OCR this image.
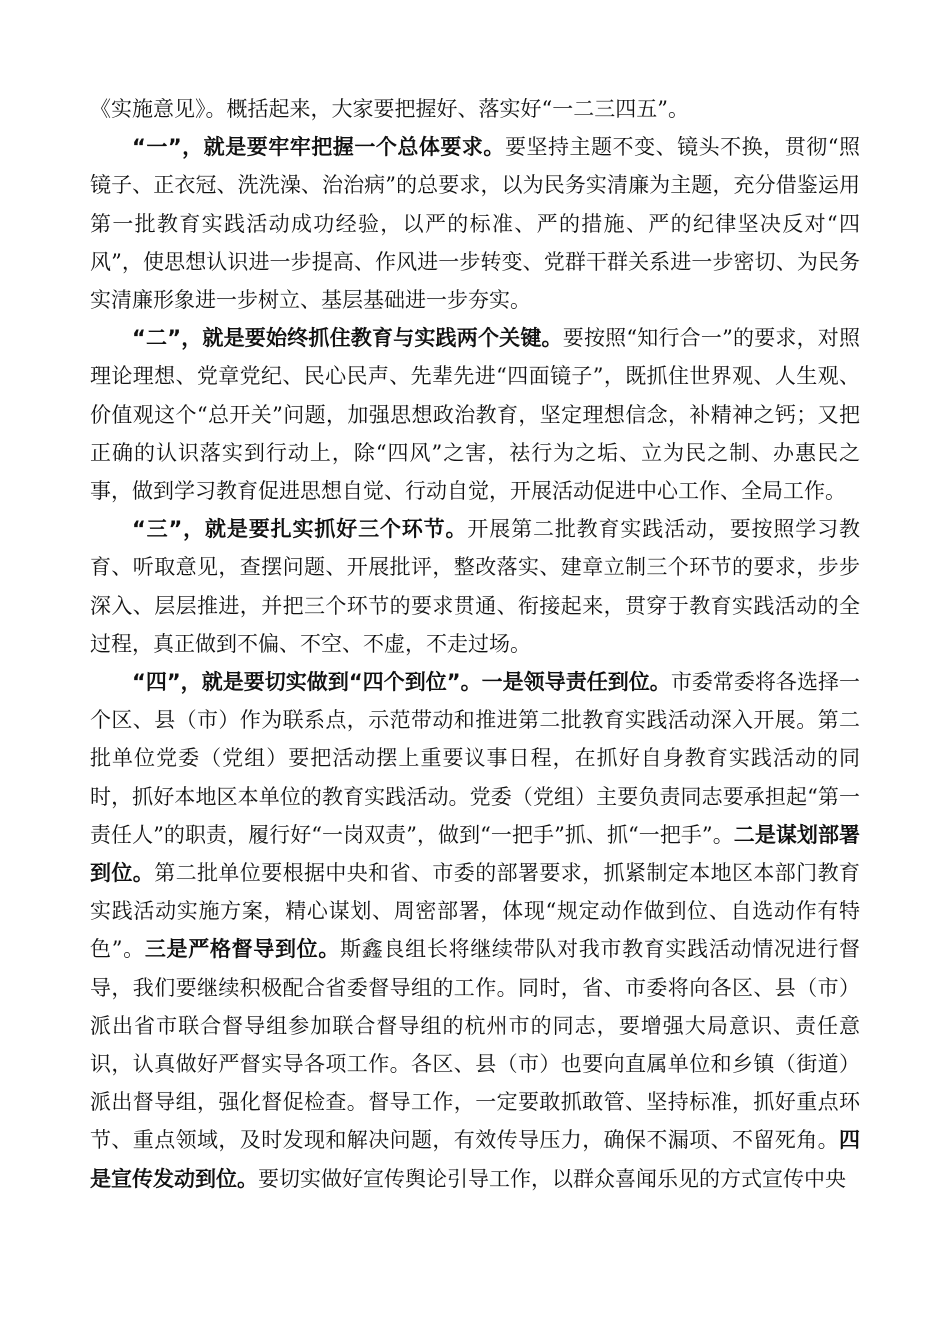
《实施意见》。概括起来，大家要把握好、落实好“一二三四五”。

“一”，就是要牢牢把握一个总体要求。要坚持主题不变、镜头不换，贯彻“照镜子、正衣冠、洗洗澡、治治病”的总要求，以为民务实清廉为主题，充分借鉴运用第一批教育实践活动成功经验，以严的标准、严的措施、严的纪律坚决反对“四风”，使思想认识进一步提高、作风进一步转变、党群干群关系进一步密切、为民务实清廉形象进一步树立、基层基础进一步夯实。

“二”，就是要始终抓住教育与实践两个关键。要按照“知行合一”的要求，对照理论理想、党章党纪、民心民声、先辈先进“四面镜子”，既抓住世界观、人生观、价值观这个“总开关”问题，加强思想政治教育，坚定理想信念，补精神之钙；又把正确的认识落实到行动上，除“四风”之害，祛行为之垢、立为民之制、办惠民之事，做到学习教育促进思想自觉、行动自觉，开展活动促进中心工作、全局工作。

“三”，就是要扎实抓好三个环节。开展第二批教育实践活动，要按照学习教育、听取意见，查摆问题、开展批评，整改落实、建章立制三个环节的要求，步步深入、层层推进，并把三个环节的要求贯通、衔接起来，贯穿于教育实践活动的全过程，真正做到不偏、不空、不虚，不走过场。

“四”，就是要切实做到“四个到位”。一是领导责任到位。市委常委将各选择一个区、县（市）作为联系点，示范带动和推进第二批教育实践活动深入开展。第二批单位党委（党组）要把活动摆上重要议事日程，在抓好自身教育实践活动的同时，抓好本地区本单位的教育实践活动。党委（党组）主要负责同志要承担起“第一责任人”的职责，履行好“一岗双责”，做到“一把手”抓、抓“一把手”。二是谋划部署到位。第二批单位要根据中央和省、市委的部署要求，抓紧制定本地区本部门教育实践活动实施方案，精心谋划、周密部署，体现“规定动作做到位、自选动作有特色”。三是严格督导到位。斯鑫良组长将继续带队对我市教育实践活动情况进行督导，我们要继续积极配合省委督导组的工作。同时，省、市委将向各区、县（市）派出省市联合督导组参加联合督导组的杭州市的同志，要增强大局意识、责任意识，认真做好严督实导各项工作。各区、县（市）也要向直属单位和乡镇（街道）派出督导组，强化督促检查。督导工作，一定要敢抓敢管、坚持标准，抓好重点环节、重点领域，及时发现和解决问题，有效传导压力，确保不漏项、不留死角。四是宣传发动到位。要切实做好宣传舆论引导工作，以群众喜闻乐见的方式宣传中央
